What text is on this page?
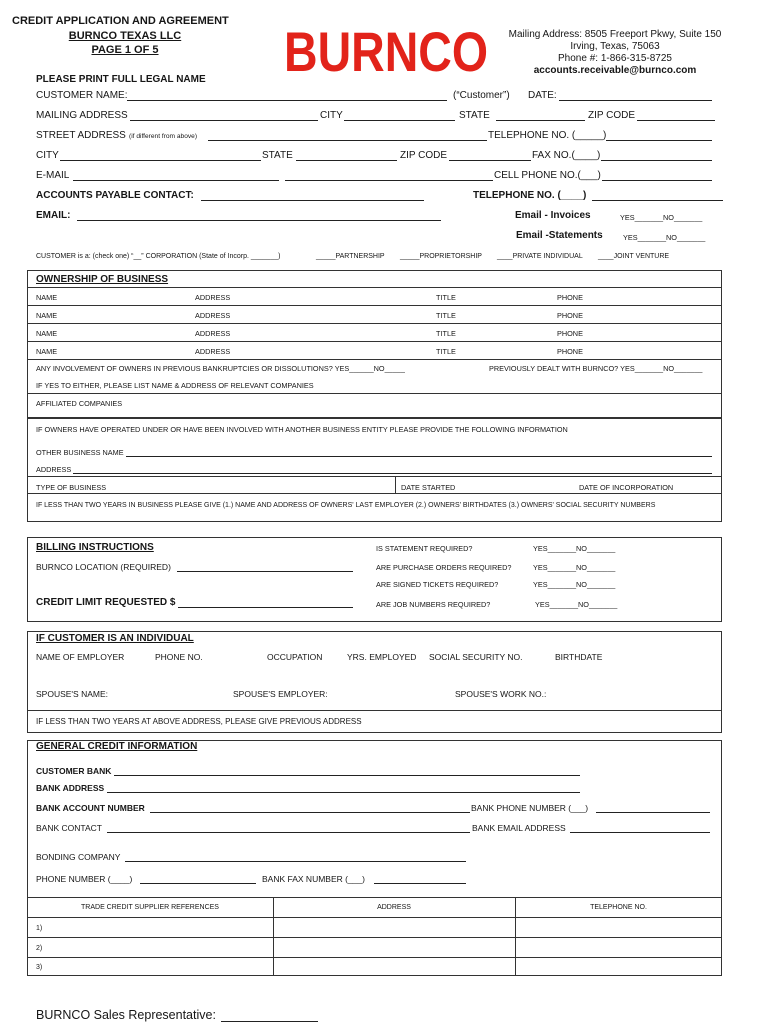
CREDIT APPLICATION AND AGREEMENT
BURNCO TEXAS LLC
PAGE 1 OF 5	BURNCO	Mailing Address: 8505 Freeport Pkwy, Suite 150
Irving, Texas, 75063
Phone #: 1-866-315-8725
accounts.receivable@burnco.com
PLEASE PRINT FULL LEGAL NAME
CUSTOMER NAME:	(“Customer”) DATE:
MAILING ADDRESS	CITY	STATE	ZIP CODE
STREET ADDRESS (if different from above)	TELEPHONE NO. (_____)
CITY	STATE	ZIP CODE	FAX NO.(____)
E-MAIL	CELL PHONE NO.(___)
ACCOUNTS PAYABLE CONTACT:	TELEPHONE NO. (____)
EMAIL:	Email - Invoices	YES_______NO_______
Email -Statements	YES_______NO_______
CUSTOMER is a: (check one) “__” CORPORATION (State of Incorp. _______)	_____PARTNERSHIP _____PROPRIETORSHIP ____PRIVATE INDIVIDUAL ____JOINT VENTURE
OWNERSHIP OF BUSINESS
NAME	ADDRESS	TITLE	PHONE
NAME	ADDRESS	TITLE	PHONE
NAME	ADDRESS	TITLE	PHONE
NAME	ADDRESS	TITLE	PHONE
ANY INVOLVEMENT OF OWNERS IN PREVIOUS BANKRUPTCIES OR DISSOLUTIONS? YES______NO_____	PREVIOUSLY DEALT WITH BURNCO? YES_______NO_______
IF YES TO EITHER, PLEASE LIST NAME & ADDRESS OF RELEVANT COMPANIES
AFFILIATED COMPANIES
IF OWNERS HAVE OPERATED UNDER OR HAVE BEEN INVOLVED WITH ANOTHER BUSINESS ENTITY PLEASE PROVIDE THE FOLLOWING INFORMATION
OTHER BUSINESS NAME
ADDRESS
TYPE OF BUSINESS	DATE STARTED	DATE OF INCORPORATION
IF LESS THAN TWO YEARS IN BUSINESS PLEASE GIVE (1.) NAME AND ADDRESS OF OWNERS' LAST EMPLOYER (2.) OWNERS' BIRTHDATES (3.) OWNERS' SOCIAL SECURITY NUMBERS
BILLING INSTRUCTIONS
BURNCO LOCATION (REQUIRED)
CREDIT LIMIT REQUESTED $
IS STATEMENT REQUIRED?	YES_______NO_______
ARE PURCHASE ORDERS REQUIRED?	YES_______NO_______
ARE SIGNED TICKETS REQUIRED?	YES_______NO_______
ARE JOB NUMBERS REQUIRED?	YES_______NO_______
IF CUSTOMER IS AN INDIVIDUAL
NAME OF EMPLOYER	PHONE NO.	OCCUPATION	YRS. EMPLOYED SOCIAL SECURITY NO.	BIRTHDATE
SPOUSE'S NAME:	SPOUSE'S EMPLOYER:	SPOUSE'S WORK NO.:
IF LESS THAN TWO YEARS AT ABOVE ADDRESS, PLEASE GIVE PREVIOUS ADDRESS
GENERAL CREDIT INFORMATION
CUSTOMER BANK
BANK ADDRESS
BANK ACCOUNT NUMBER	BANK PHONE NUMBER (___)
BANK CONTACT	BANK EMAIL ADDRESS
BONDING COMPANY
PHONE NUMBER (____)	BANK FAX NUMBER (___)
TRADE CREDIT SUPPLIER REFERENCES	ADDRESS	TELEPHONE NO.
1)
2)
3)
BURNCO Sales Representative:
